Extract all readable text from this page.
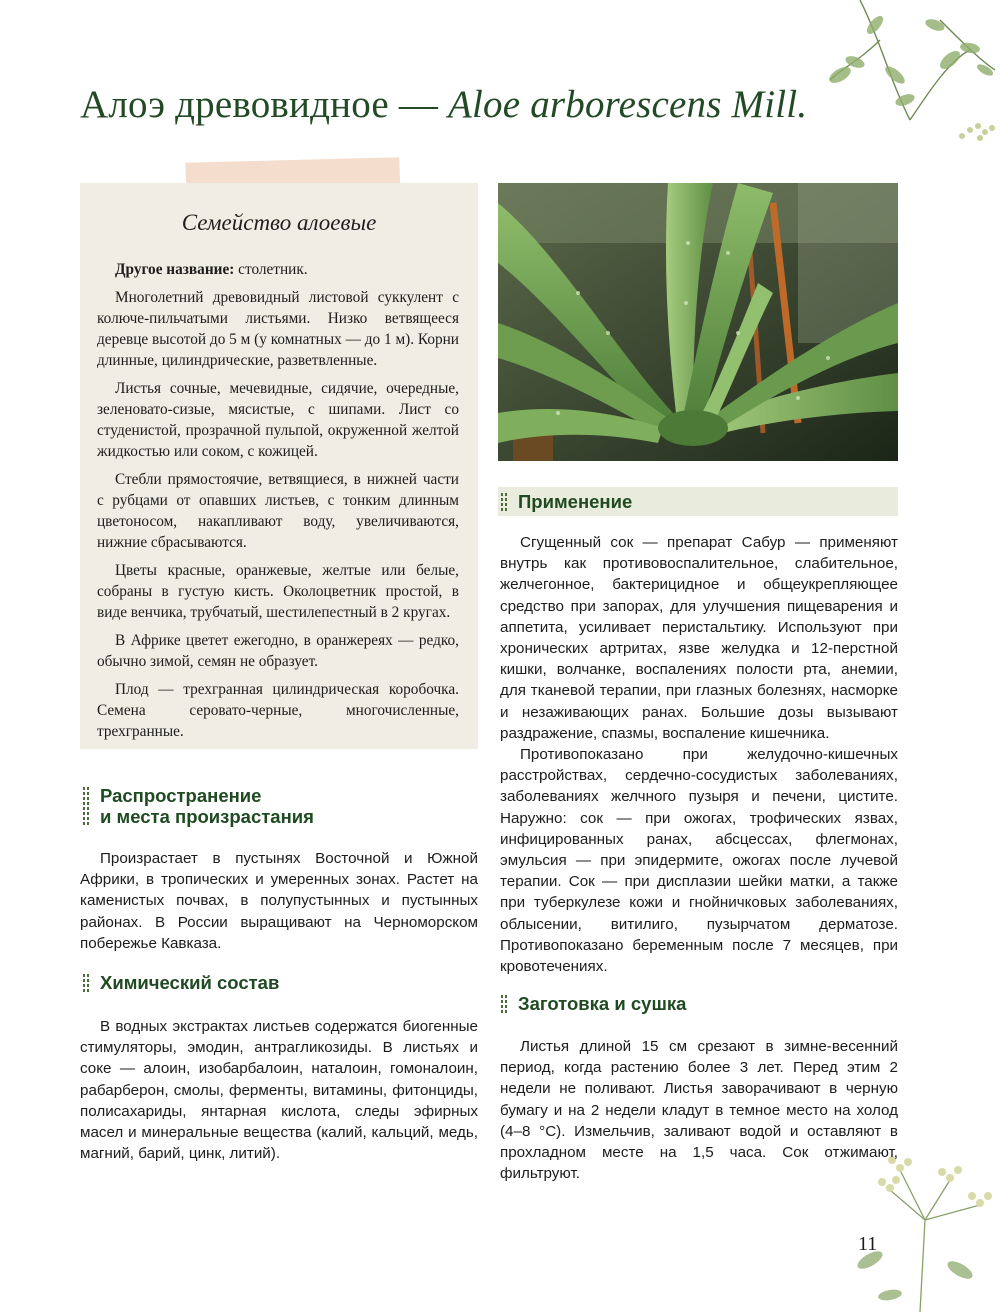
Алоэ древовидное — Aloe arborescens Mill.
Семейство алоевые

Другое название: столетник.

Многолетний древовидный листовой суккулент с колюче-пильчатыми листьями. Низко ветвящееся деревце высотой до 5 м (у комнатных — до 1 м). Корни длинные, цилиндрические, разветвленные.

Листья сочные, мечевидные, сидячие, очередные, зеленовато-сизые, мясистые, с шипами. Лист со студенистой, прозрачной пульпой, окруженной желтой жидкостью или соком, с кожицей.

Стебли прямостоячие, ветвящиеся, в нижней части с рубцами от опавших листьев, с тонким длинным цветоносом, накапливают воду, увеличиваются, нижние сбрасываются.

Цветы красные, оранжевые, желтые или белые, собраны в густую кисть. Околоцветник простой, в виде венчика, трубчатый, шестилепестный в 2 кругах.

В Африке цветет ежегодно, в оранжереях — редко, обычно зимой, семян не образует.

Плод — трехгранная цилиндрическая коробочка. Семена серовато-черные, многочисленные, трехгранные.

Распространение
и места произрастания

Произрастает в пустынях Восточной и Южной Африки, в тропических и умеренных зонах. Растет на каменистых почвах, в полупустынных и пустынных районах. В России выращивают на Черноморском побережье Кавказа.

Химический состав

В водных экстрактах листьев содержатся биогенные стимуляторы, эмодин, антрагликозиды. В листьях и соке — алоин, изобарбалоин, наталоин, гомоналоин, рабарберон, смолы, ферменты, витамины, фитонциды, полисахариды, янтарная кислота, следы эфирных масел и минеральные вещества (калий, кальций, медь, магний, барий, цинк, литий).

Применение

Сгущенный сок — препарат Сабур — применяют внутрь как противовоспалительное, слабительное, желчегонное, бактерицидное и общеукрепляющее средство при запорах, для улучшения пищеварения и аппетита, усиливает перистальтику. Используют при хронических артритах, язве желудка и 12-перстной кишки, волчанке, воспалениях полости рта, анемии, для тканевой терапии, при глазных болезнях, насморке и незаживающих ранах. Большие дозы вызывают раздражение, спазмы, воспаление кишечника.

Противопоказано при желудочно-кишечных расстройствах, сердечно-сосудистых заболеваниях, заболеваниях желчного пузыря и печени, цистите. Наружно: сок — при ожогах, трофических язвах, инфицированных ранах, абсцессах, флегмонах, эмульсия — при эпидермите, ожогах после лучевой терапии. Сок — при дисплазии шейки матки, а также при туберкулезе кожи и гнойничковых заболеваниях, облысении, витилиго, пузырчатом дерматозе. Противопоказано беременным после 7 месяцев, при кровотечениях.

Заготовка и сушка

Листья длиной 15 см срезают в зимне-весенний период, когда растению более 3 лет. Перед этим 2 недели не поливают. Листья заворачивают в черную бумагу и на 2 недели кладут в темное место на холод (4–8 °С). Измельчив, заливают водой и оставляют в прохладном месте на 1,5 часа. Сок отжимают, фильтруют.

11
